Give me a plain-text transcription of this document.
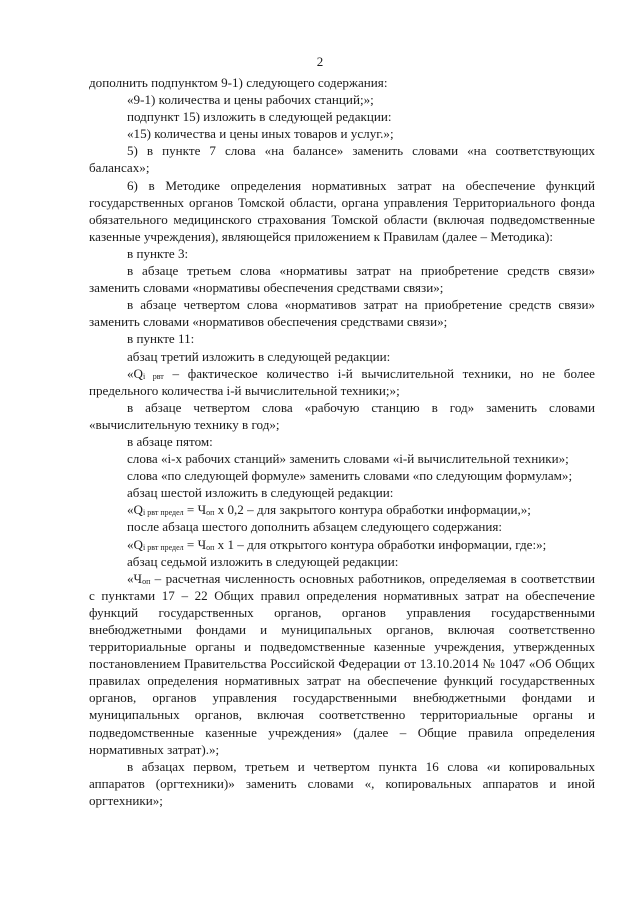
2

дополнить подпунктом 9-1) следующего содержания:

«9-1) количества и цены рабочих станций;»;

подпункт 15) изложить в следующей редакции:

«15) количества и цены иных товаров и услуг.»;

5) в пункте 7 слова «на балансе» заменить словами «на соответствующих балансах»;

6) в Методике определения нормативных затрат на обеспечение функций государственных органов Томской области, органа управления Территориального фонда обязательного медицинского страхования Томской области (включая подведомственные казенные учреждения), являющейся приложением к Правилам (далее – Методика):

в пункте 3:

в абзаце третьем слова «нормативы затрат на приобретение средств связи» заменить словами «нормативы обеспечения средствами связи»;

в абзаце четвертом слова «нормативов затрат на приобретение средств связи» заменить словами «нормативов обеспечения средствами связи»;

в пункте 11:

абзац третий изложить в следующей редакции:

«$Q_{i рвт}$ – фактическое количество i-й вычислительной техники, но не более предельного количества i-й вычислительной техники;»;

в абзаце четвертом слова «рабочую станцию в год» заменить словами «вычислительную технику в год»;

в абзаце пятом:

слова «i-х рабочих станций» заменить словами «i-й вычислительной техники»;

слова «по следующей формуле» заменить словами «по следующим формулам»;

абзац шестой изложить в следующей редакции:

«$Q_{i рвт предел} = Ч_{оп}$ x 0,2 – для закрытого контура обработки информации,»;

после абзаца шестого дополнить абзацем следующего содержания:

«$Q_{i рвт предел} = Ч_{оп}$ x 1 – для открытого контура обработки информации, где:»;

абзац седьмой изложить в следующей редакции:

«$Ч_{оп}$ – расчетная численность основных работников, определяемая в соответствии с пунктами 17 – 22 Общих правил определения нормативных затрат на обеспечение функций государственных органов, органов управления государственными внебюджетными фондами и муниципальных органов, включая соответственно территориальные органы и подведомственные казенные учреждения, утвержденных постановлением Правительства Российской Федерации от 13.10.2014 № 1047 «Об Общих правилах определения нормативных затрат на обеспечение функций государственных органов, органов управления государственными внебюджетными фондами и муниципальных органов, включая соответственно территориальные органы и подведомственные казенные учреждения» (далее – Общие правила определения нормативных затрат).»;

в абзацах первом, третьем и четвертом пункта 16 слова «и копировальных аппаратов (оргтехники)» заменить словами «, копировальных аппаратов и иной оргтехники»;
